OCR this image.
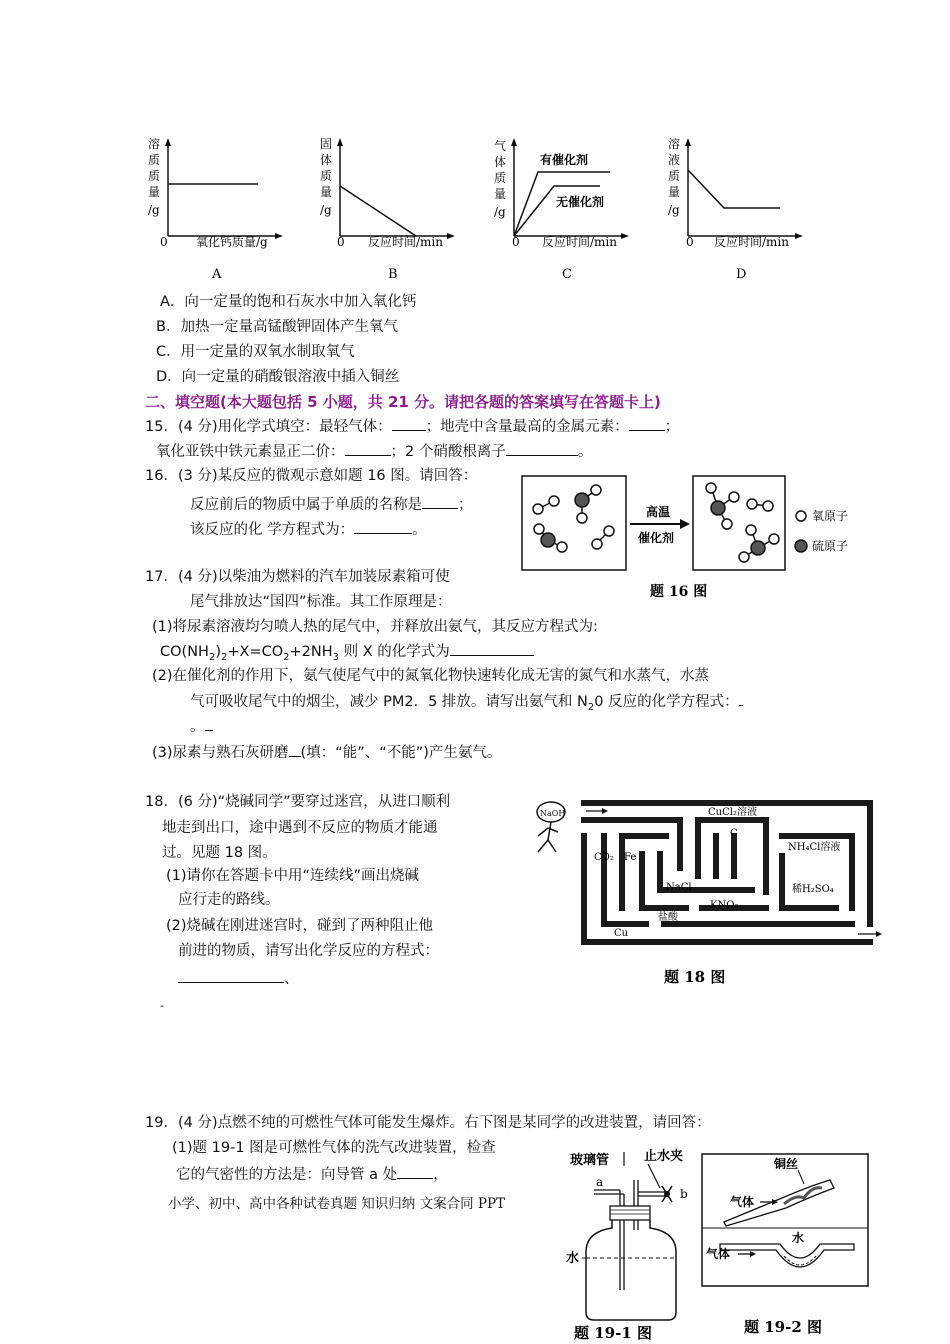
溶
质
质
量
/g
0 氧化钙质量/g
A
固
体
质
量
/g
0 反应时间/min
B
有催化剂
无催化剂
气
体
质
量
/g
0 反应时间/min
C
溶
液
质
量
/g
0 反应时间/min
D
A．向一定量的饱和石灰水中加入氧化钙
B．加热一定量高锰酸钾固体产生氧气
C．用一定量的双氧水制取氧气
D．向一定量的硝酸银溶液中插入铜丝
二、填空题(本大题包括 5 小题，共 21 分。请把各题的答案填写在答题卡上)
15．(4 分)用化学式填空：最轻气体： ；地壳中含量最高的金属元素： ；
氧化亚铁中铁元素显正二价：	；2 个硝酸根离子	。
16．(3 分)某反应的微观示意如题 16 图。请回答：
反应前后的物质中属于单质的名称是 ；
该反应的化 学方程式为：	。
高温
催化剂
氧原子
硫原子
题 16 图
17．(4 分)以柴油为燃料的汽车加装尿素箱可使
尾气排放达“国四”标准。其工作原理是：
(1)将尿素溶液均匀喷人热的尾气中，并释放出氨气，其反应方程式为:
$CO(NH_2)_2+X=CO_2+2NH_3$ 则 X 的化学式为
(2)在催化剂的作用下，氨气使尾气中的氮氧化物快速转化成无害的氮气和水蒸气，水蒸
气可吸收尾气中的烟尘，减少 PM2．5 排放。请写出氨气和 $N_20$ 反应的化学方程式：
。
(3)尿素与熟石灰研磨 (填：“能”、“不能”)产生氨气。
18．(6 分)“烧碱同学”要穿过迷宫，从进口顺利
地走到出口，途中遇到不反应的物质才能通
过。见题 18 图。
(1)请你在答题卡中用“连续线”画出烧碱
应行走的路线。
(2)烧碱在刚进迷宫时，碰到了两种阻止他
前进的物质，请写出化学反应的方程式：
、
-
NaOH	CuCl₂溶液
C
NH₄Cl溶液
CO₂ Fe
NaCl	稀H₂SO₄
KNO₃
盐酸
Cu
题 18 图
19．(4 分)点燃不纯的可燃性气体可能发生爆炸。右下图是某同学的改进装置，请回答：
(1)题 19-1 图是可燃性气体的洗气改进装置，检查
它的气密性的方法是：向导管 a 处 ，
小学、初中、高中各种试卷真题 知识归纳 文案合同 PPT
玻璃管	止水夹
a
b
水
题 19-1 图
铜丝
气体
气体
水
题 19-2 图
